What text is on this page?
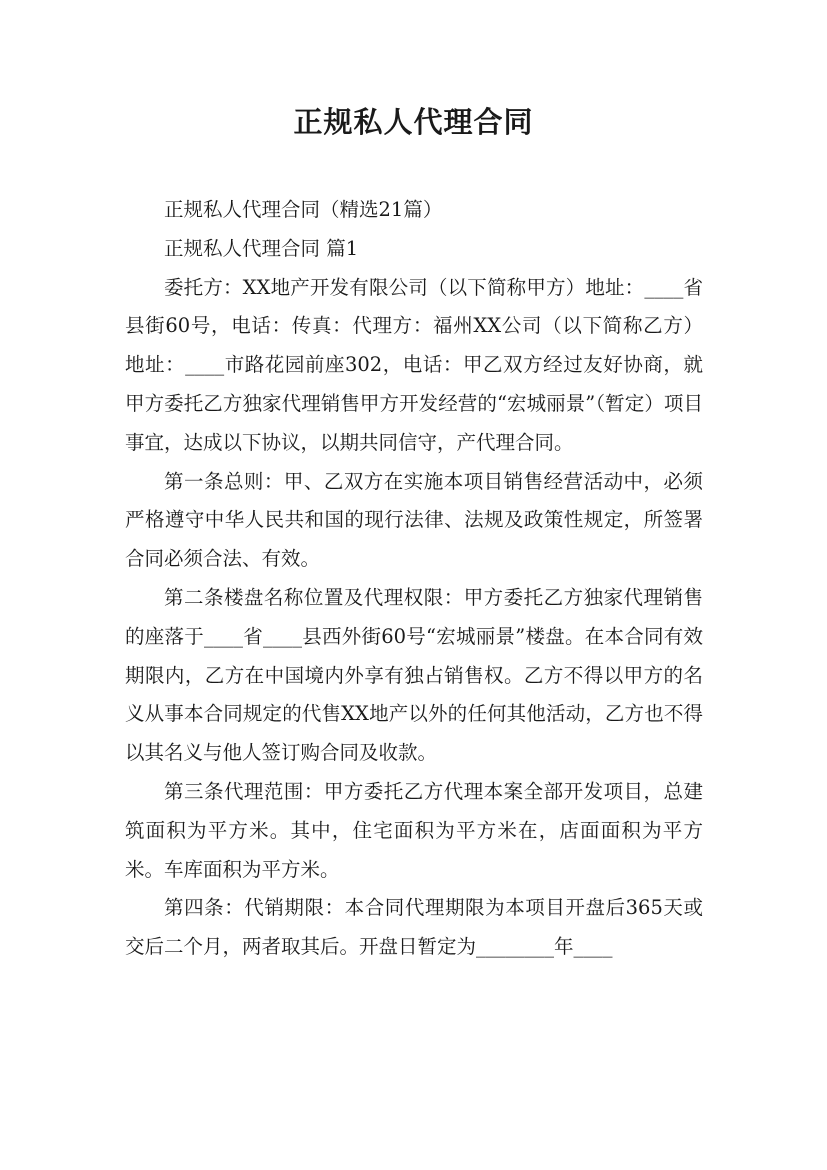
正规私人代理合同

正规私人代理合同（精选21篇）

正规私人代理合同 篇1

委托方：XX地产开发有限公司（以下简称甲方）地址：____省县街60号，电话：传真：代理方：福州XX公司（以下简称乙方）地址：____市路花园前座302，电话：甲乙双方经过友好协商，就甲方委托乙方独家代理销售甲方开发经营的“宏城丽景”（暂定）项目事宜，达成以下协议，以期共同信守，产代理合同。

第一条总则：甲、乙双方在实施本项目销售经营活动中，必须严格遵守中华人民共和国的现行法律、法规及政策性规定，所签署合同必须合法、有效。

第二条楼盘名称位置及代理权限：甲方委托乙方独家代理销售的座落于____省____县西外街60号“宏城丽景”楼盘。在本合同有效期限内，乙方在中国境内外享有独占销售权。乙方不得以甲方的名义从事本合同规定的代售XX地产以外的任何其他活动，乙方也不得以其名义与他人签订购合同及收款。

第三条代理范围：甲方委托乙方代理本案全部开发项目，总建筑面积为平方米。其中，住宅面积为平方米在，店面面积为平方米。车库面积为平方米。

第四条：代销期限：本合同代理期限为本项目开盘后365天或交后二个月，两者取其后。开盘日暂定为________年____
